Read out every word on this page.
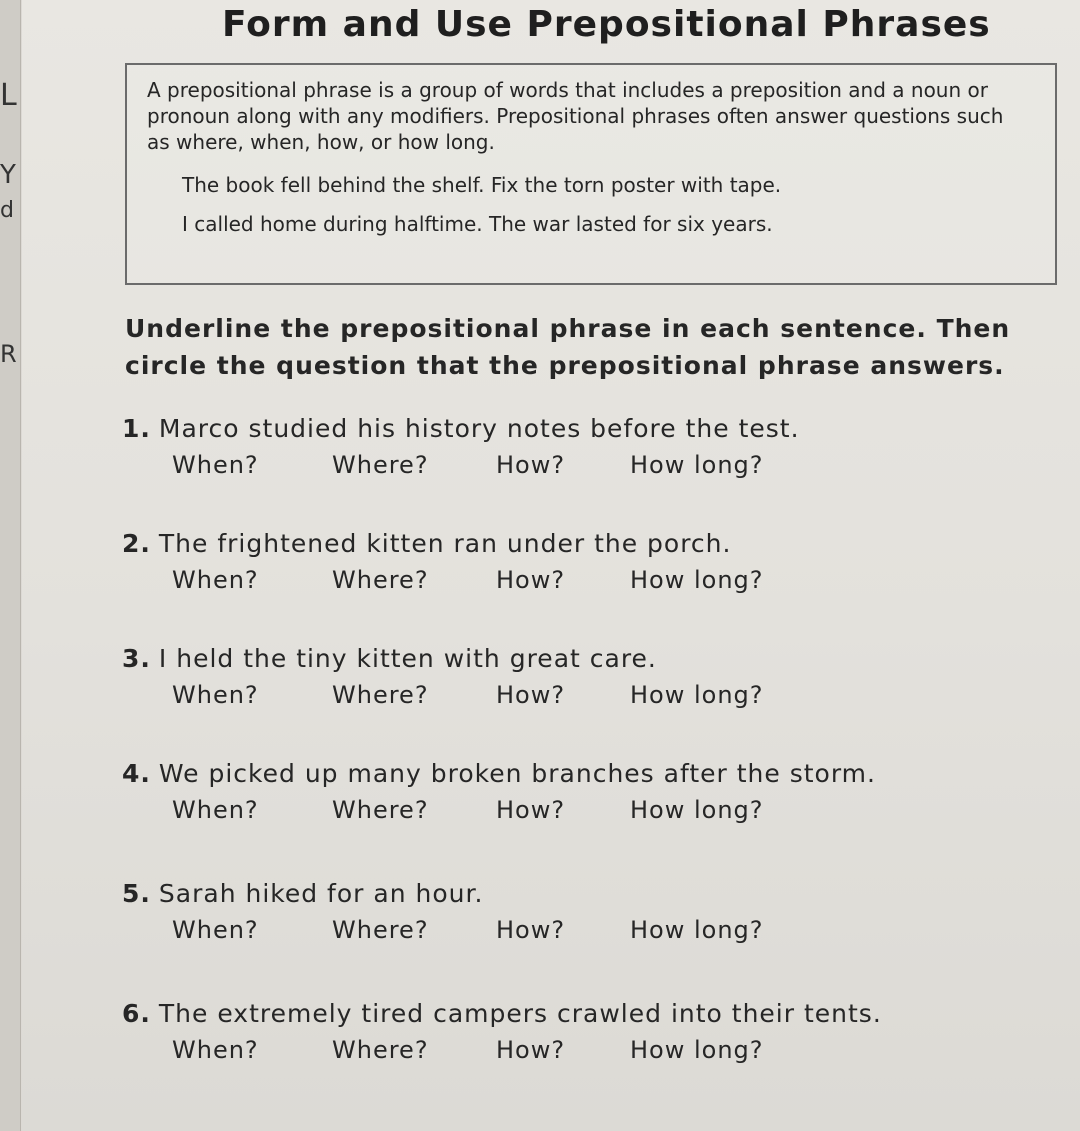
L
Y
d
R
Form and Use Prepositional Phrases

A prepositional phrase is a group of words that includes a preposition and a noun or pronoun along with any modifiers. Prepositional phrases often answer questions such as where, when, how, or how long.

The book fell behind the shelf. Fix the torn poster with tape.

I called home during halftime. The war lasted for six years.

Underline the prepositional phrase in each sentence. Then circle the question that the prepositional phrase answers.

1. Marco studied his history notes before the test.

When?	Where?	How?	How long?

2. The frightened kitten ran under the porch.

When?	Where?	How?	How long?

3. I held the tiny kitten with great care.

When?	Where?	How?	How long?

4. We picked up many broken branches after the storm.

When?	Where?	How?	How long?

5. Sarah hiked for an hour.

When?	Where?	How?	How long?

6. The extremely tired campers crawled into their tents.

When?	Where?	How?	How long?
